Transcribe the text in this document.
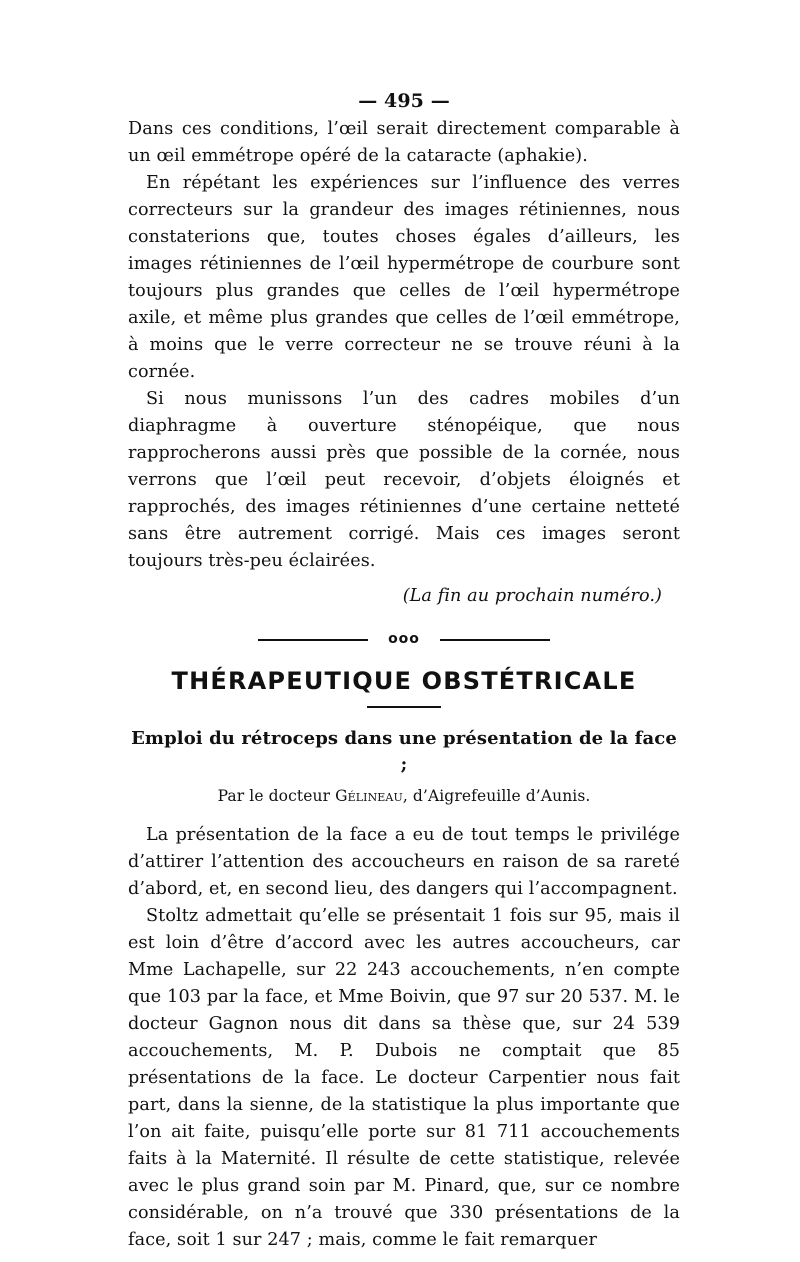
— 495 —

Dans ces conditions, l’œil serait directement comparable à un œil emmétrope opéré de la cataracte (aphakie).

En répétant les expériences sur l’influence des verres correcteurs sur la grandeur des images rétiniennes, nous constaterions que, toutes choses égales d’ailleurs, les images rétiniennes de l’œil hypermétrope de courbure sont toujours plus grandes que celles de l’œil hypermétrope axile, et même plus grandes que celles de l’œil emmétrope, à moins que le verre correcteur ne se trouve réuni à la cornée.

Si nous munissons l’un des cadres mobiles d’un diaphragme à ouverture sténopéique, que nous rapprocherons aussi près que possible de la cornée, nous verrons que l’œil peut recevoir, d’objets éloignés et rapprochés, des images rétiniennes d’une certaine netteté sans être autrement corrigé. Mais ces images seront toujours très-peu éclairées.

(La fin au prochain numéro.)
ooo
THÉRAPEUTIQUE OBSTÉTRICALE
Emploi du rétroceps dans une présentation de la face ;
Par le docteur Gélineau, d’Aigrefeuille d’Aunis.

La présentation de la face a eu de tout temps le privilége d’attirer l’attention des accoucheurs en raison de sa rareté d’abord, et, en second lieu, des dangers qui l’accompagnent.

Stoltz admettait qu’elle se présentait 1 fois sur 95, mais il est loin d’être d’accord avec les autres accoucheurs, car Mme Lachapelle, sur 22 243 accouchements, n’en compte que 103 par la face, et Mme Boivin, que 97 sur 20 537. M. le docteur Gagnon nous dit dans sa thèse que, sur 24 539 accouchements, M. P. Dubois ne comptait que 85 présentations de la face. Le docteur Carpentier nous fait part, dans la sienne, de la statistique la plus importante que l’on ait faite, puisqu’elle porte sur 81 711 accouchements faits à la Maternité. Il résulte de cette statistique, relevée avec le plus grand soin par M. Pinard, que, sur ce nombre considérable, on n’a trouvé que 330 présentations de la face, soit 1 sur 247 ; mais, comme le fait remarquer
